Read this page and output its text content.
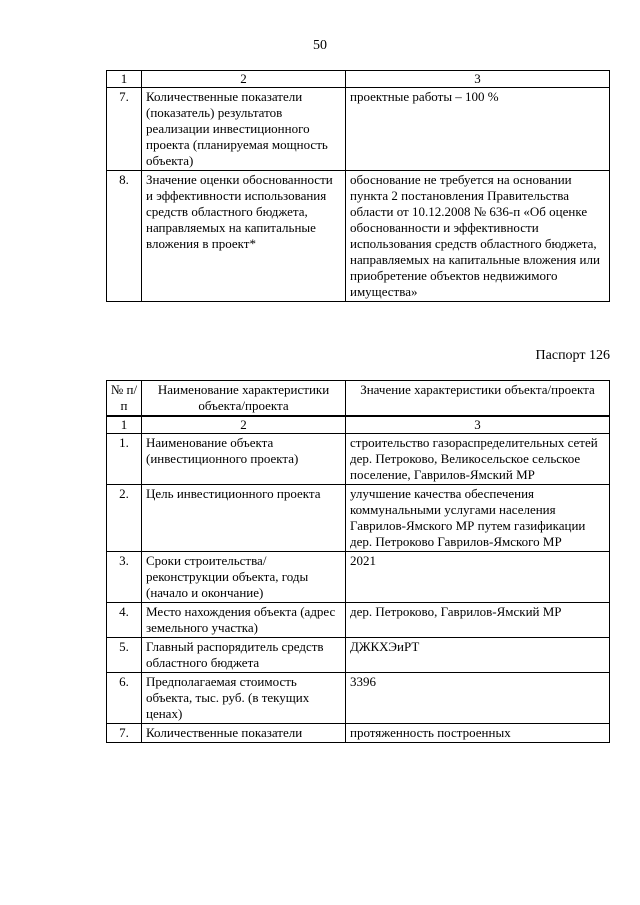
50
1	2	3
7.	Количественные показатели (показатель) результатов реализации инвестиционного проекта (планируемая мощность объекта)	проектные работы – 100 %
8.	Значение оценки обоснованности и эффективности использования средств областного бюджета, направляемых на капитальные вложения в проект*	обоснование не требуется на основании пункта 2 постановления Правительства области от 10.12.2008 № 636-п «Об оценке обоснованности и эффективности использования средств областного бюджета, направляемых на капитальные вложения или приобретение объектов недвижимого имущества»
Паспорт 126
№ п/п	Наименование характеристики объекта/проекта	Значение характеристики объекта/проекта
1	2	3
1.	Наименование объекта (инвестиционного проекта)	строительство газораспределительных сетей дер. Петроково, Великосельское сельское поселение, Гаврилов-Ямский МР
2.	Цель инвестиционного проекта	улучшение качества обеспечения коммунальными услугами населения Гаврилов-Ямского МР путем газификации дер. Петроково Гаврилов-Ямского МР
3.	Сроки строительства/реконструкции объекта, годы (начало и окончание)	2021
4.	Место нахождения объекта (адрес земельного участка)	дер. Петроково, Гаврилов-Ямский МР
5.	Главный распорядитель средств областного бюджета	ДЖКХЭиРТ
6.	Предполагаемая стоимость объекта, тыс. руб. (в текущих ценах)	3396
7.	Количественные показатели	протяженность построенных
